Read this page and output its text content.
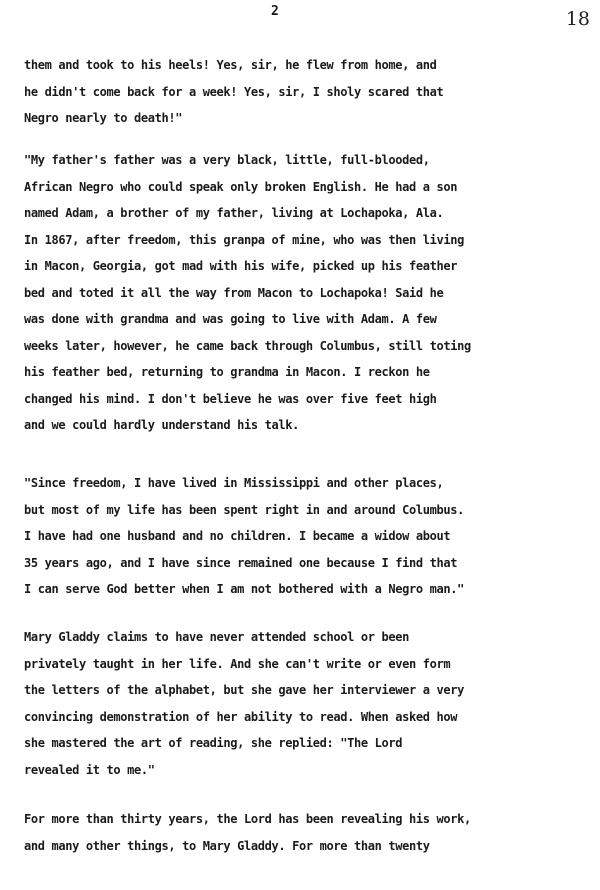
2	18
them and took to his heels! Yes, sir, he flew from home, and
he didn't come back for a week! Yes, sir, I sholy scared that
Negro nearly to death!"
"My father's father was a very black, little, full-blooded,
African Negro who could speak only broken English. He had a son
named Adam, a brother of my father, living at Lochapoka, Ala.
In 1867, after freedom, this granpa of mine, who was then living
in Macon, Georgia, got mad with his wife, picked up his feather
bed and toted it all the way from Macon to Lochapoka! Said he
was done with grandma and was going to live with Adam. A few
weeks later, however, he came back through Columbus, still toting
his feather bed, returning to grandma in Macon. I reckon he
changed his mind. I don't believe he was over five feet high
and we could hardly understand his talk.
"Since freedom, I have lived in Mississippi and other places,
but most of my life has been spent right in and around Columbus.
I have had one husband and no children. I became a widow about
35 years ago, and I have since remained one because I find that
I can serve God better when I am not bothered with a Negro man."
Mary Gladdy claims to have never attended school or been
privately taught in her life. And she can't write or even form
the letters of the alphabet, but she gave her interviewer a very
convincing demonstration of her ability to read. When asked how
she mastered the art of reading, she replied: "The Lord
revealed it to me."
For more than thirty years, the Lord has been revealing his work,
and many other things, to Mary Gladdy. For more than twenty
